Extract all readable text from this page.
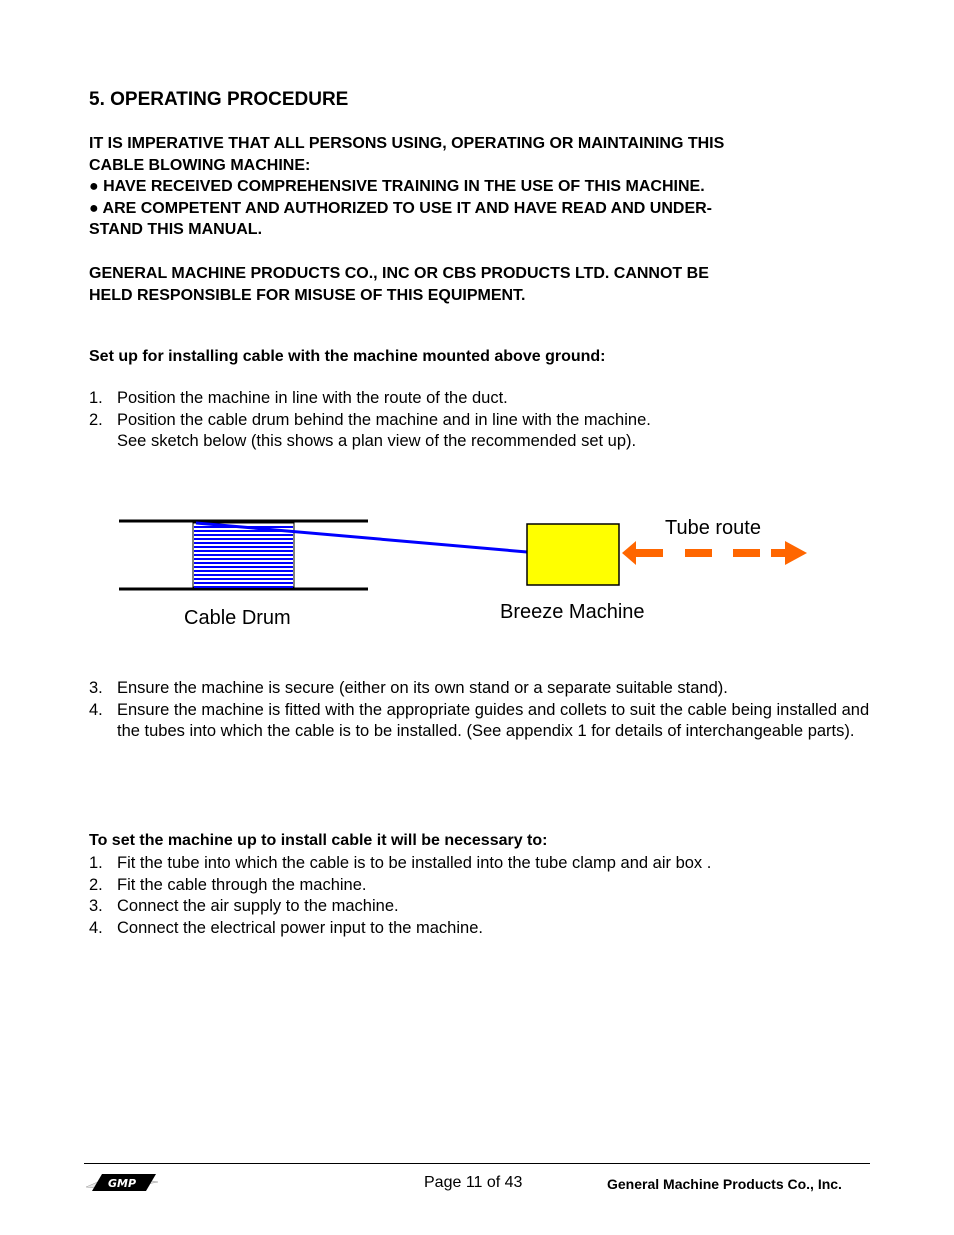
5. OPERATING PROCEDURE
IT IS IMPERATIVE THAT ALL PERSONS USING, OPERATING OR MAINTAINING THIS
CABLE BLOWING MACHINE:
● HAVE RECEIVED COMPREHENSIVE TRAINING IN THE USE OF THIS MACHINE.
● ARE COMPETENT AND AUTHORIZED TO USE IT AND HAVE READ AND UNDER-
STAND THIS MANUAL.
GENERAL MACHINE PRODUCTS CO., INC OR CBS PRODUCTS LTD. CANNOT BE
HELD RESPONSIBLE FOR MISUSE OF THIS EQUIPMENT.
Set up for installing cable with the machine mounted above ground:
1. Position the machine in line with the route of the duct.
2. Position the cable drum behind the machine and in line with the machine.
See sketch below (this shows a plan view of the recommended set up).
Cable Drum	Breeze Machine
Tube route
3. Ensure the machine is secure (either on its own stand or a separate suitable stand).
4. Ensure the machine is fitted with the appropriate guides and collets to suit the cable being installed and the tubes into which the cable is to be installed. (See appendix 1 for details of interchangeable parts).
To set the machine up to install cable it will be necessary to:
1. Fit the tube into which the cable is to be installed into the tube clamp and air box .
2. Fit the cable through the machine.
3. Connect the air supply to the machine.
4. Connect the electrical power input to the machine.
GMP	Page 11 of 43	General Machine Products Co., Inc.
